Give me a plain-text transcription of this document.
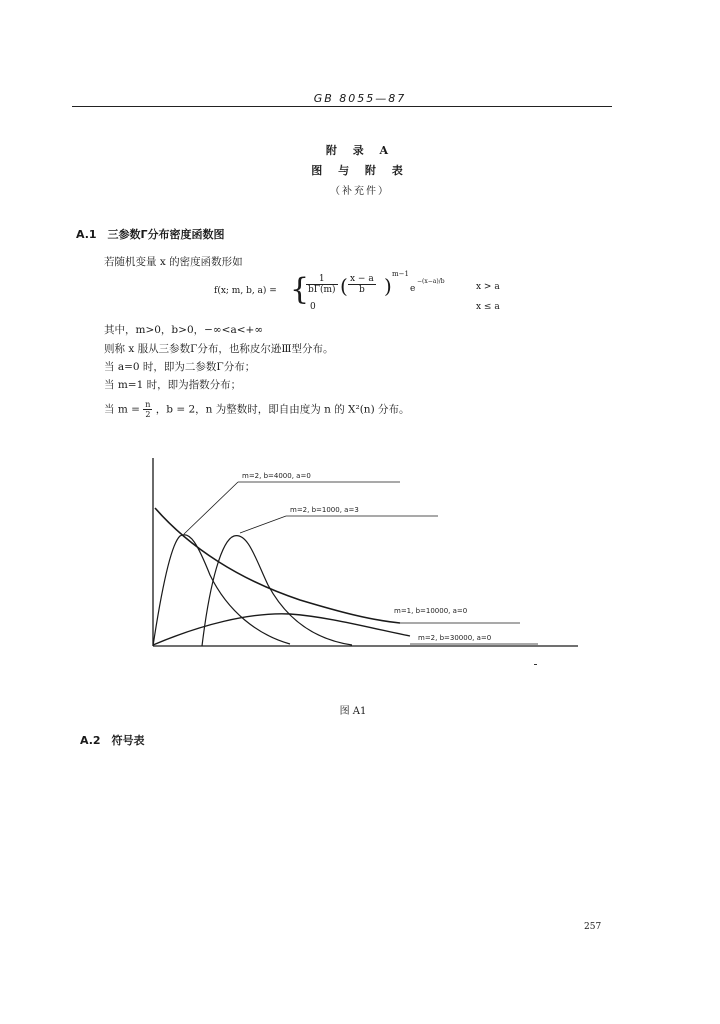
GB 8055—87
附 录 A
图 与 附 表
（补充件）
A.1　三参数Γ分布密度函数图
若随机变量 x 的密度函数形如
f(x; m, b, a) = {
$\frac{1}{b\Gamma(m)}$ ( $\frac{x - a}{b}$ ) m−1
e
−(x−a)/b
x > a
0	x ≤ a
其中，m>0，b>0，−∞<a<+∞
则称 x 服从三参数Γ分布，也称皮尔逊Ⅲ型分布。
当 a=0 时，即为二参数Γ分布；
当 m=1 时，即为指数分布；
当 $m = \frac{n}{2}$ ，b = 2，n 为整数时，即自由度为 n 的 X²(n) 分布。
m=2, b=4000, a=0
m=2, b=1000, a=3
m=1, b=10000, a=0
m=2, b=30000, a=0
图 A1
A.2　符号表
257
